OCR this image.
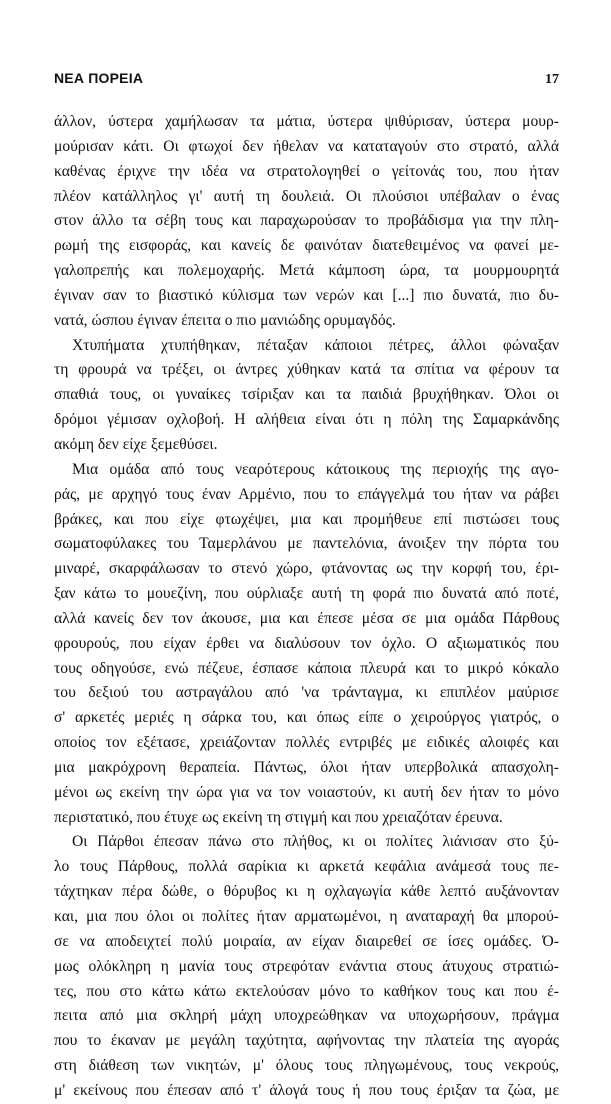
ΝΕΑ ΠΟΡΕΙΑ	17
άλλον, ύστερα χαμήλωσαν τα μάτια, ύστερα ψιθύρισαν, ύστερα μουρ-
μούρισαν κάτι. Οι φτωχοί δεν ήθελαν να καταταγούν στο στρατό, αλλά
καθένας έριχνε την ιδέα να στρατολογηθεί ο γείτονάς του, που ήταν
πλέον κατάλληλος γι' αυτή τη δουλειά. Οι πλούσιοι υπέβαλαν ο ένας
στον άλλο τα σέβη τους και παραχωρούσαν το προβάδισμα για την πλη-
ρωμή της εισφοράς, και κανείς δε φαινόταν διατεθειμένος να φανεί με-
γαλοπρεπής και πολεμοχαρής. Μετά κάμποση ώρα, τα μουρμουρητά
έγιναν σαν το βιαστικό κύλισμα των νερών και [...] πιο δυνατά, πιο δυ-
νατά, ώσπου έγιναν έπειτα ο πιο μανιώδης ορυμαγδός.
Χτυπήματα χτυπήθηκαν, πέταξαν κάποιοι πέτρες, άλλοι φώναξαν
τη φρουρά να τρέξει, οι άντρες χύθηκαν κατά τα σπίτια να φέρουν τα
σπαθιά τους, οι γυναίκες τσίριξαν και τα παιδιά βρυχήθηκαν. Όλοι οι
δρόμοι γέμισαν οχλοβοή. Η αλήθεια είναι ότι η πόλη της Σαμαρκάνδης
ακόμη δεν είχε ξεμεθύσει.
Μια ομάδα από τους νεαρότερους κάτοικους της περιοχής της αγο-
ράς, με αρχηγό τους έναν Αρμένιο, που το επάγγελμά του ήταν να ράβει
βράκες, και που είχε φτωχέψει, μια και προμήθευε επί πιστώσει τους
σωματοφύλακες του Ταμερλάνου με παντελόνια, άνοιξεν την πόρτα του
μιναρέ, σκαρφάλωσαν το στενό χώρο, φτάνοντας ως την κορφή του, έρι-
ξαν κάτω το μουεζίνη, που ούρλιαξε αυτή τη φορά πιο δυνατά από ποτέ,
αλλά κανείς δεν τον άκουσε, μια και έπεσε μέσα σε μια ομάδα Πάρθους
φρουρούς, που είχαν έρθει να διαλύσουν τον όχλο. Ο αξιωματικός που
τους οδηγούσε, ενώ πέζευε, έσπασε κάποια πλευρά και το μικρό κόκαλο
του δεξιού του αστραγάλου από 'να τράνταγμα, κι επιπλέον μαύρισε
σ' αρκετές μεριές η σάρκα του, και όπως είπε ο χειρούργος γιατρός, ο
οποίος τον εξέτασε, χρειάζονταν πολλές εντριβές με ειδικές αλοιφές και
μια μακρόχρονη θεραπεία. Πάντως, όλοι ήταν υπερβολικά απασχολη-
μένοι ως εκείνη την ώρα για να τον νοιαστούν, κι αυτή δεν ήταν το μόνο
περιστατικό, που έτυχε ως εκείνη τη στιγμή και που χρειαζόταν έρευνα.
Οι Πάρθοι έπεσαν πάνω στο πλήθος, κι οι πολίτες λιάνισαν στο ξύ-
λο τους Πάρθους, πολλά σαρίκια κι αρκετά κεφάλια ανάμεσά τους πε-
τάχτηκαν πέρα δώθε, ο θόρυβος κι η οχλαγωγία κάθε λεπτό αυξάνονταν
και, μια που όλοι οι πολίτες ήταν αρματωμένοι, η αναταραχή θα μπορού-
σε να αποδειχτεί πολύ μοιραία, αν είχαν διαιρεθεί σε ίσες ομάδες. Ό-
μως ολόκληρη η μανία τους στρεφόταν ενάντια στους άτυχους στρατιώ-
τες, που στο κάτω κάτω εκτελούσαν μόνο το καθήκον τους και που έ-
πειτα από μια σκληρή μάχη υποχρεώθηκαν να υποχωρήσουν, πράγμα
που το έκαναν με μεγάλη ταχύτητα, αφήνοντας την πλατεία της αγοράς
στη διάθεση των νικητών, μ' όλους τους πληγωμένους, τους νεκρούς,
μ' εκείνους που έπεσαν από τ' άλογά τους ή που τους έριξαν τα ζώα, με
